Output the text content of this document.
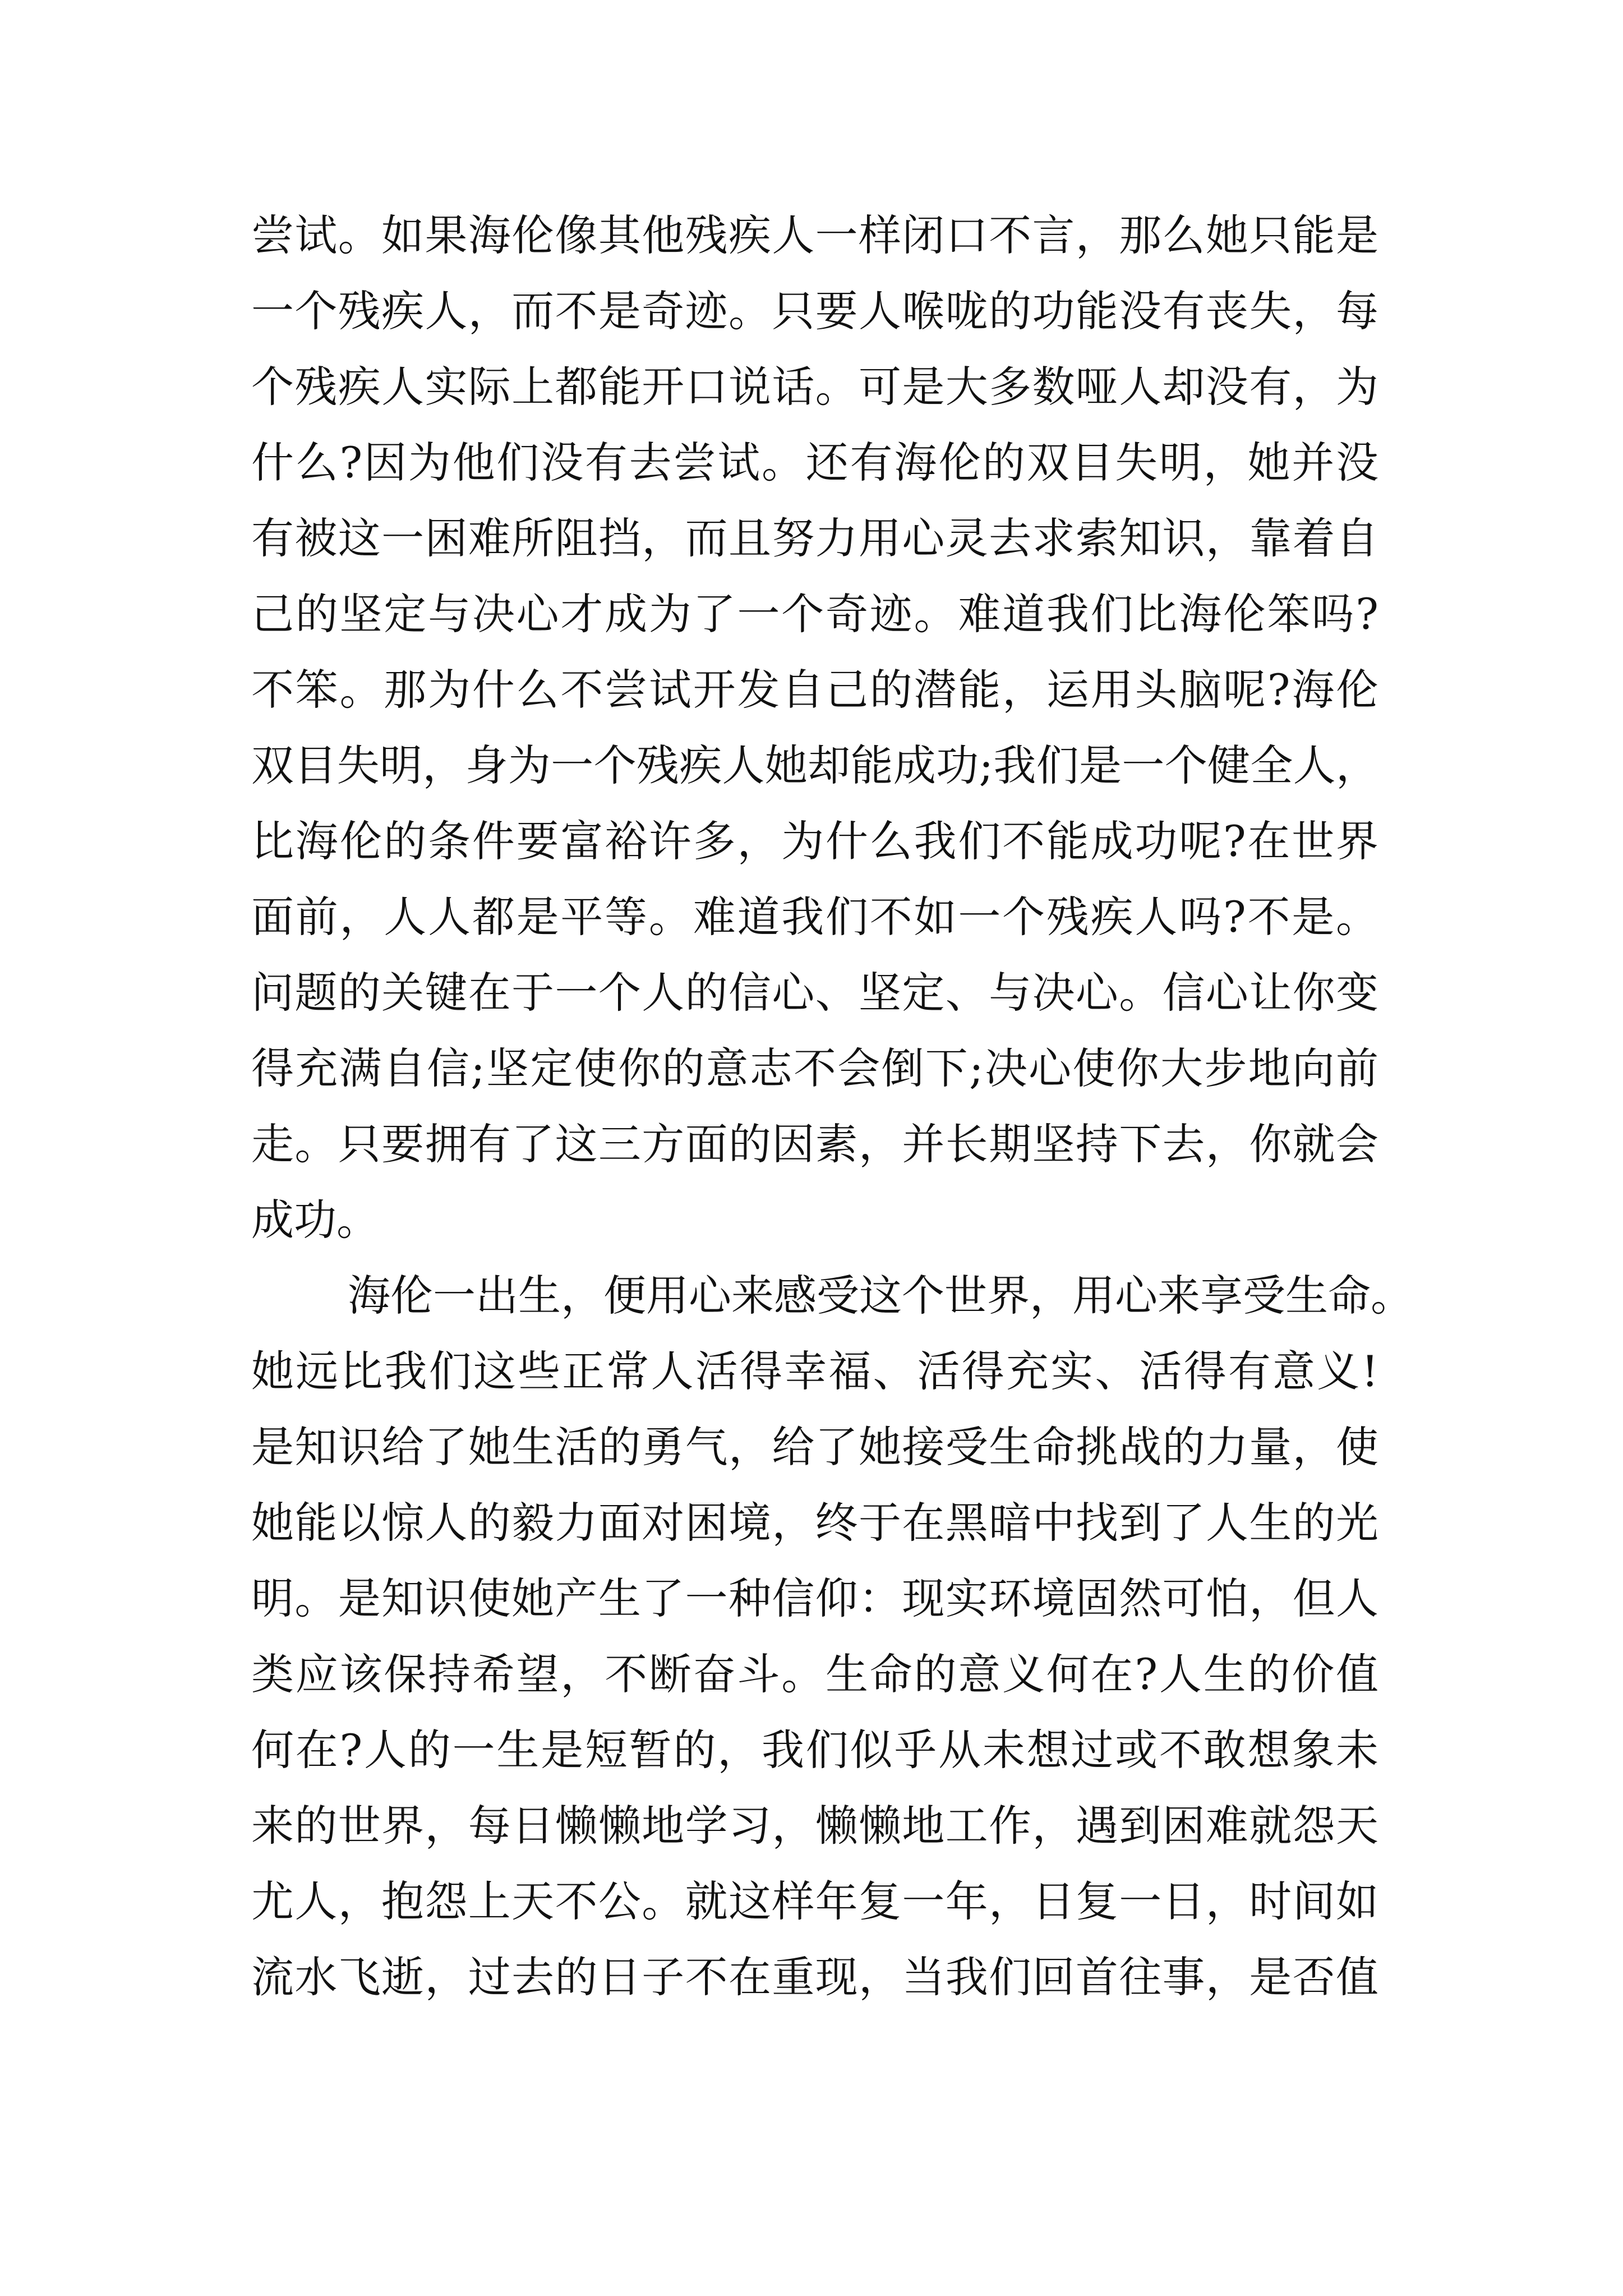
尝试。如果海伦像其他残疾人一样闭口不言，那么她只能是
一个残疾人，而不是奇迹。只要人喉咙的功能没有丧失，每
个残疾人实际上都能开口说话。可是大多数哑人却没有，为
什么?因为他们没有去尝试。还有海伦的双目失明，她并没
有被这一困难所阻挡，而且努力用心灵去求索知识，靠着自
己的坚定与决心才成为了一个奇迹。难道我们比海伦笨吗?
不笨。那为什么不尝试开发自己的潜能，运用头脑呢?海伦
双目失明，身为一个残疾人她却能成功;我们是一个健全人，
比海伦的条件要富裕许多，为什么我们不能成功呢?在世界
面前，人人都是平等。难道我们不如一个残疾人吗?不是。
问题的关键在于一个人的信心、坚定、与决心。信心让你变
得充满自信;坚定使你的意志不会倒下;决心使你大步地向前
走。只要拥有了这三方面的因素，并长期坚持下去，你就会
成功。
海伦一出生，便用心来感受这个世界，用心来享受生命。
她远比我们这些正常人活得幸福、活得充实、活得有意义!
是知识给了她生活的勇气，给了她接受生命挑战的力量，使
她能以惊人的毅力面对困境，终于在黑暗中找到了人生的光
明。是知识使她产生了一种信仰：现实环境固然可怕，但人
类应该保持希望，不断奋斗。生命的意义何在?人生的价值
何在?人的一生是短暂的，我们似乎从未想过或不敢想象未
来的世界，每日懒懒地学习，懒懒地工作，遇到困难就怨天
尤人，抱怨上天不公。就这样年复一年，日复一日，时间如
流水飞逝，过去的日子不在重现，当我们回首往事，是否值
